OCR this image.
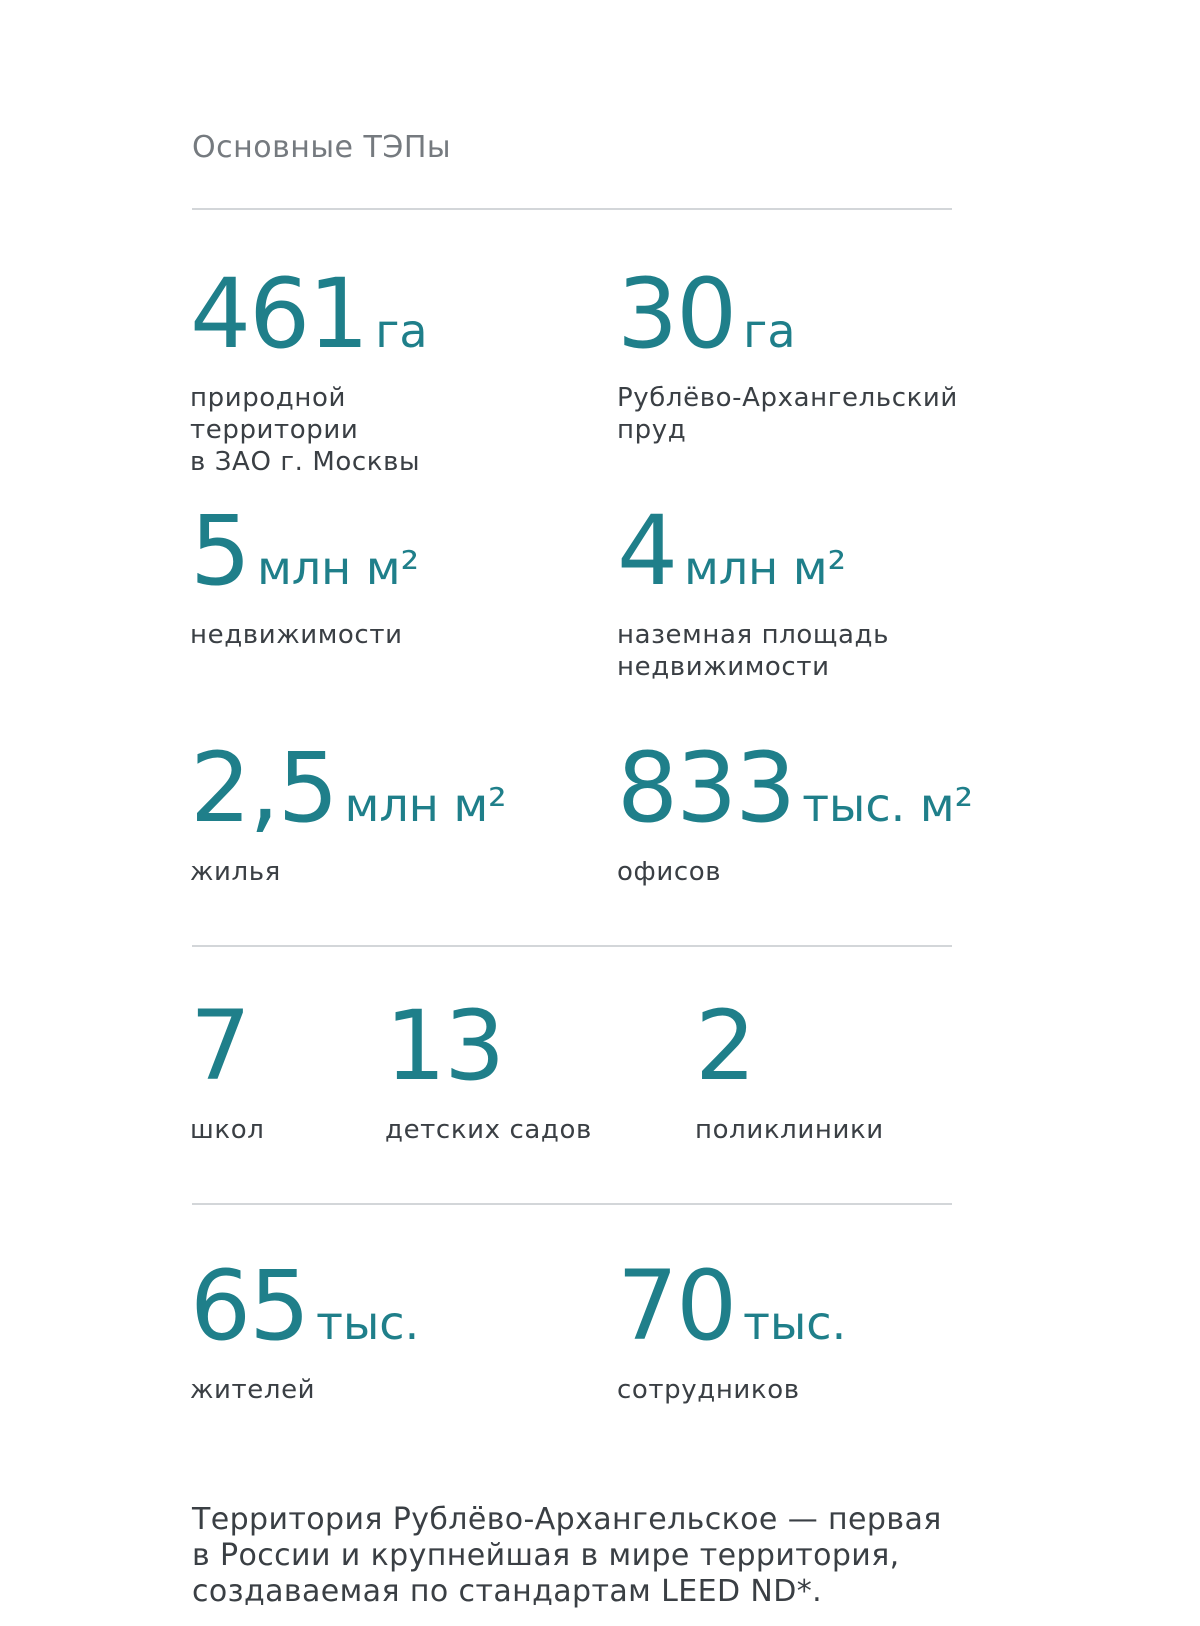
Основные ТЭПы
461 га
природной
территории
в ЗАО г. Москвы
30 га
Рублёво-Архангельский
пруд
5 млн м²
недвижимости
4 млн м²
наземная площадь
недвижимости
2,5 млн м²
жилья
833 тыс. м²
офисов
7
школ
13
детских садов
2
поликлиники
65 тыс.
жителей
70 тыс.
сотрудников
Территория Рублёво-Архангельское — первая
в России и крупнейшая в мире территория,
создаваемая по стандартам LEED ND*.
